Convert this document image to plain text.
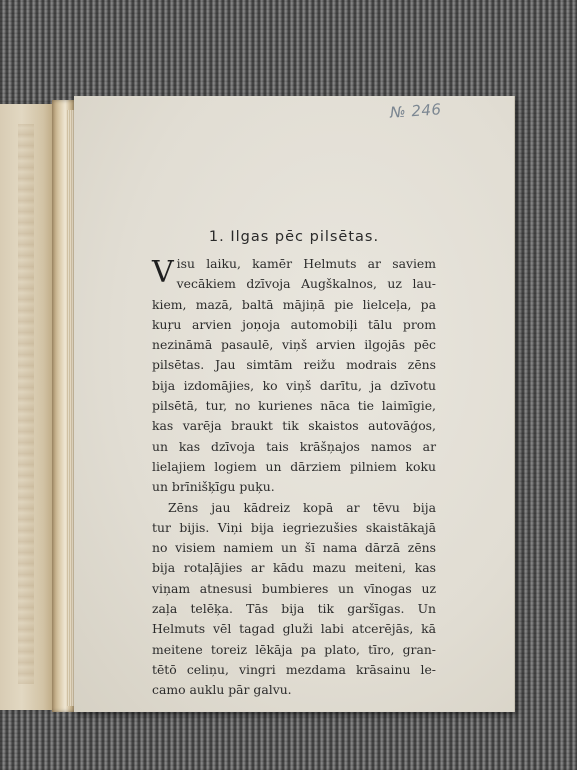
№ 246
1. Ilgas pēc pilsētas.

V isu laiku, kamēr Helmuts ar saviem
vecākiem dzīvoja Augškalnos, uz lau-
kiem, mazā, baltā mājiņā pie lielceļa, pa
kuŗu arvien joņoja automobiļi tālu prom
nezināmā pasaulē, viņš arvien ilgojās pēc
pilsētas. Jau simtām reižu modrais zēns
bija izdomājies, ko viņš darītu, ja dzīvotu
pilsētā, tur, no kurienes nāca tie laimīgie,
kas varēja braukt tik skaistos autovāģos,
un kas dzīvoja tais krāšņajos namos ar
lielajiem logiem un dārziem pilniem koku
un brīnišķīgu puķu.

Zēns jau kādreiz kopā ar tēvu bija
tur bijis. Viņi bija iegriezušies skaistākajā
no visiem namiem un šī nama dārzā zēns
bija rotaļājies ar kādu mazu meiteni, kas
viņam atnesusi bumbieres un vīnogas uz
zaļa telēķa. Tās bija tik garšīgas. Un
Helmuts vēl tagad gluži labi atcerējās, kā
meitene toreiz lēkāja pa plato, tīro, gran-
tētō celiņu, vingri mezdama krāsainu le-
camo auklu pār galvu.
